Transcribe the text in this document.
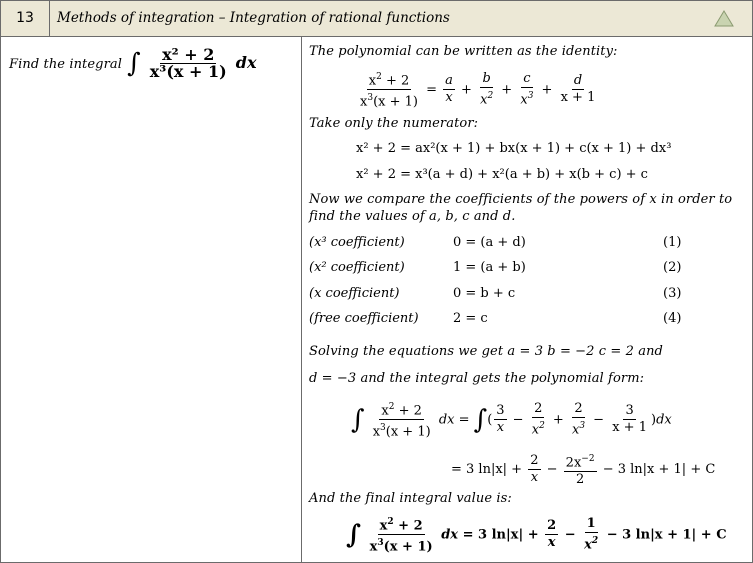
13	Methods of integration – Integration of rational functions
Find the integral ∫ $\frac{\text{x² + 2}}{\text{x³(x + 1)}}$ dx
The polynomial can be written as the identity:
$\frac{x^2 + 2}{x^3(x + 1)} = \frac{a}{x} + \frac{b}{x^2} + \frac{c}{x^3} + \frac{d}{x + 1}$
Take only the numerator:
x² + 2 = ax²(x + 1) + bx(x + 1) + c(x + 1) + dx³
x² + 2 = x³(a + d) + x²(a + b) + x(b + c) + c
Now we compare the coefficients of the powers of x in order to
find the values of a, b, c and d.
(x³ coefficient)	0 = (a + d)	(1)
(x² coefficient)	1 = (a + b)	(2)
(x coefficient)	0 = b + c	(3)
(free coefficient)	2 = c	(4)
Solving the equations we get a = 3 b = −2 c = 2 and
d = −3 and the integral gets the polynomial form:
∫ $\frac{x^2 + 2}{x^3(x + 1)}$ dx = ∫( $\frac{3}{x} - \frac{2}{x^2} + \frac{2}{x^3} - \frac{3}{x + 1} )dx$
= 3 $\ln|x| + \frac{2}{x} - \frac{2x^{-2}}{2} - 3$ ln|x + 1| + C
And the final integral value is:
∫ $\frac{x^2 + 2}{x^3(x + 1)}$ dx = 3 $\ln|x| + \frac{2}{x} - \frac{1}{x^2} - 3$ ln|x + 1| + C
